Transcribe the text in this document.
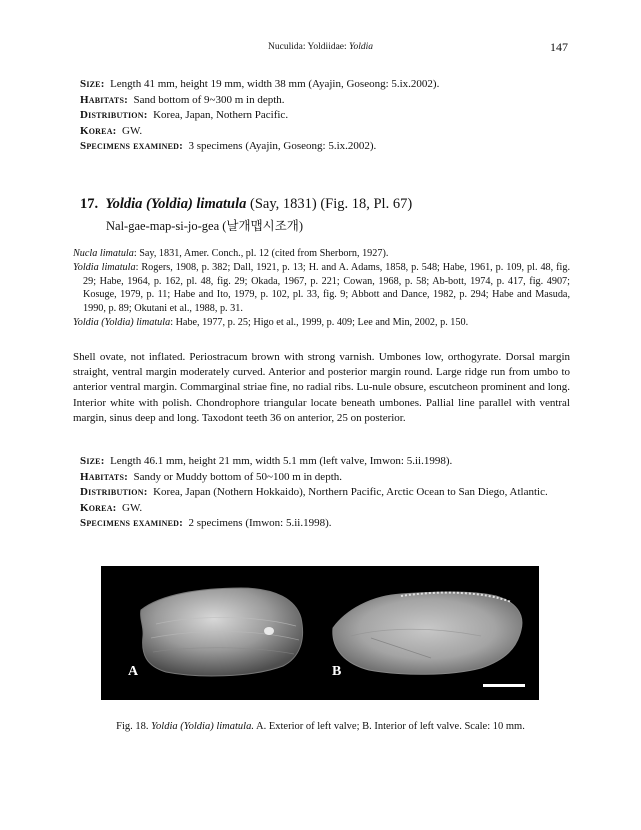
Nuculida: Yoldiidae: Yoldia	147
Size: Length 41 mm, height 19 mm, width 38 mm (Ayajin, Goseong: 5.ix.2002).
Habitats: Sand bottom of 9~300 m in depth.
Distribution: Korea, Japan, Nothern Pacific.
Korea: GW.
Specimens examined: 3 specimens (Ayajin, Goseong: 5.ix.2002).
17. Yoldia (Yoldia) limatula (Say, 1831) (Fig. 18, Pl. 67)
Nal-gae-map-si-jo-gea (날개맵시조개)

Nucla limatula: Say, 1831, Amer. Conch., pl. 12 (cited from Sherborn, 1927).

Yoldia limatula: Rogers, 1908, p. 382; Dall, 1921, p. 13; H. and A. Adams, 1858, p. 548; Habe, 1961, p. 109, pl. 48, fig. 29; Habe, 1964, p. 162, pl. 48, fig. 29; Okada, 1967, p. 221; Cowan, 1968, p. 58; Ab-bott, 1974, p. 417, fig. 4907; Kosuge, 1979, p. 11; Habe and Ito, 1979, p. 102, pl. 33, fig. 9; Abbott and Dance, 1982, p. 294; Habe and Masuda, 1990, p. 89; Okutani et al., 1988, p. 31.

Yoldia (Yoldia) limatula: Habe, 1977, p. 25; Higo et al., 1999, p. 409; Lee and Min, 2002, p. 150.

Shell ovate, not inflated. Periostracum brown with strong varnish. Umbones low, orthogyrate. Dorsal margin straight, ventral margin moderately curved. Anterior and posterior margin round. Large ridge run from umbo to anterior ventral margin. Commarginal striae fine, no radial ribs. Lu-nule obsure, escutcheon prominent and long. Interior white with polish. Chondrophore triangular locate beneath umbones. Pallial line parallel with ventral margin, sinus deep and long. Taxodont teeth 36 on anterior, 25 on posterior.
Size: Length 46.1 mm, height 21 mm, width 5.1 mm (left valve, Imwon: 5.ii.1998).
Habitats: Sandy or Muddy bottom of 50~100 m in depth.
Distribution: Korea, Japan (Nothern Hokkaido), Northern Pacific, Arctic Ocean to San Diego, Atlantic.
Korea: GW.
Specimens examined: 2 specimens (Imwon: 5.ii.1998).
A	B
Fig. 18. Yoldia (Yoldia) limatula. A. Exterior of left valve; B. Interior of left valve. Scale: 10 mm.
